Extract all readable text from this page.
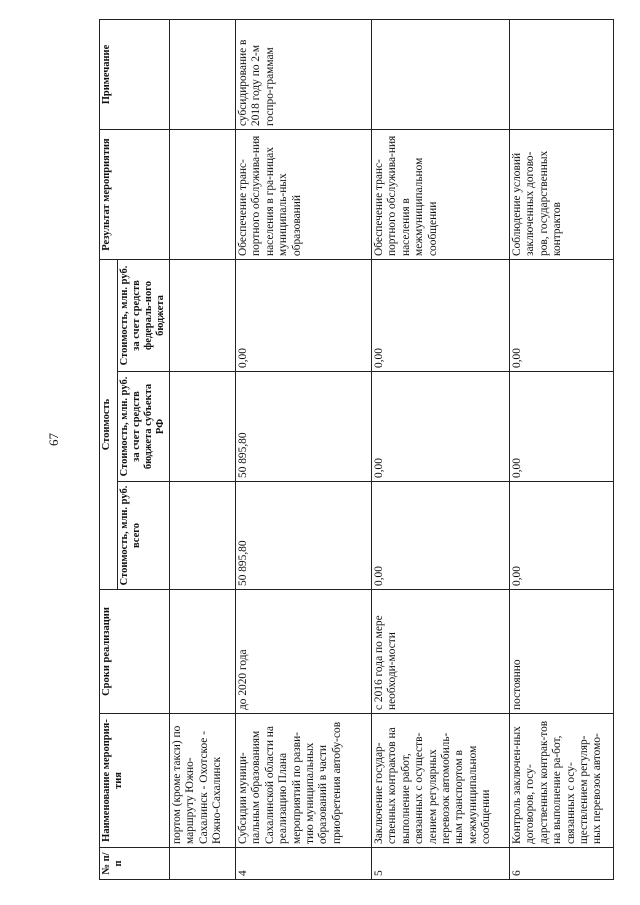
67
№ п/п	Наименование мероприя-тия	Сроки реализации	Стоимость			Результат мероприятия	Примечание
			Стоимость, млн. руб. всего	Стоимость, млн. руб. за счет средств бюджета субъекта РФ	Стоимость, млн. руб. за счет средств федераль-ного бюджета		
	портом (кроме такси) по маршруту Южно-Сахалинск - Охотское - Южно-Сахалинск						
4	Субсидии муници-пальным образованиям Сахалинской области на реализацию Плана мероприятий по разви-тию муниципальных образований в части приобретения автобу-сов	до 2020 года	50 895,80	50 895,80	0,00	Обеспечение транс-портного обслужива-ния населения в гра-ницах муниципаль-ных образований	субсидирование в 2018 году по 2-м госпро-граммам
5	Заключение государ-ственных контрактов на выполнение работ, связанных с осуществ-лением регулярных перевозок автомобиль-ным транспортом в межмуниципальном сообщении	с 2016 года по мере необходи-мости	0,00	0,00	0,00	Обеспечение транс-портного обслужива-ния населения в межмуниципальном сообщении	
6	Контроль заключен-ных договоров, госу-дарственных контрак-тов на выполнение ра-бот, связанных с осу-ществлением регуляр-ных перевозок автомо-	постоянно	0,00	0,00	0,00	Соблюдение условий заключенных догово-ров, государственных контрактов	
